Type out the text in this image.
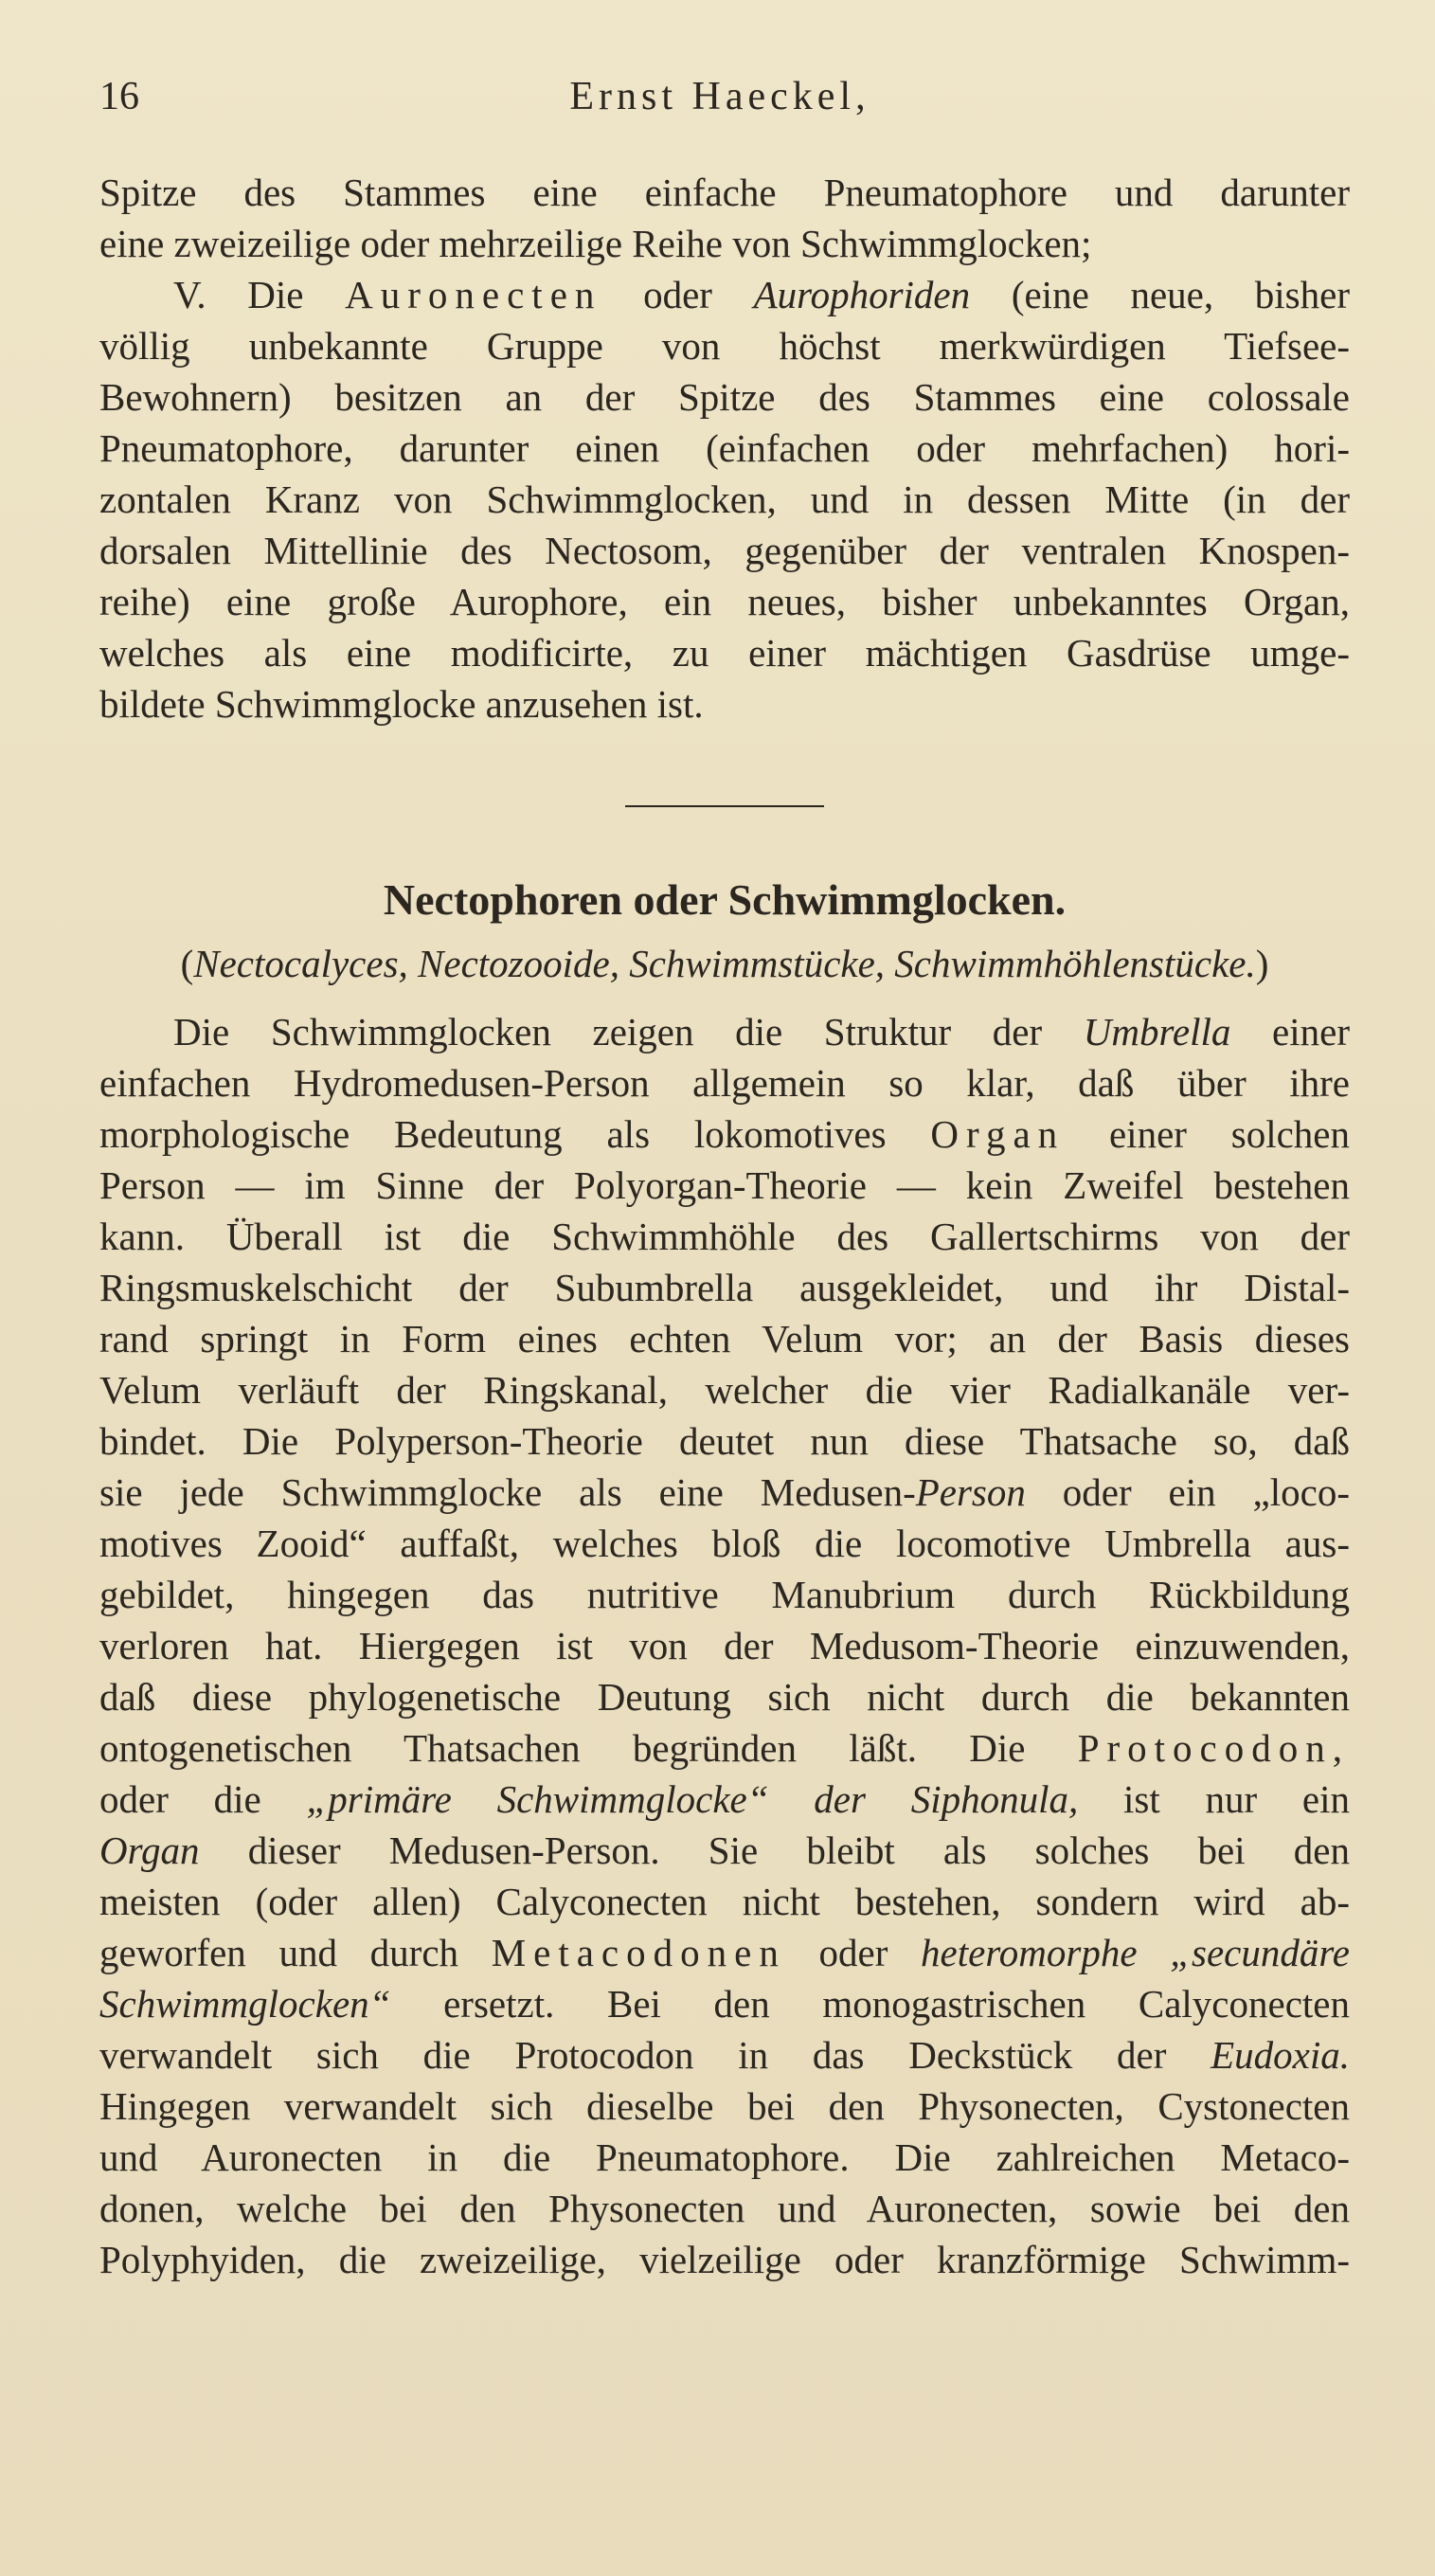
16	Ernst Haeckel,
Spitze des Stammes eine einfache Pneumatophore und darunter
eine zweizeilige oder mehrzeilige Reihe von Schwimmglocken;
V. Die Auronecten oder Aurophoriden (eine neue, bisher
völlig unbekannte Gruppe von höchst merkwürdigen Tiefsee-
Bewohnern) besitzen an der Spitze des Stammes eine colossale
Pneumatophore, darunter einen (einfachen oder mehrfachen) hori-
zontalen Kranz von Schwimmglocken, und in dessen Mitte (in der
dorsalen Mittellinie des Nectosom, gegenüber der ventralen Knospen-
reihe) eine große Aurophore, ein neues, bisher unbekanntes Organ,
welches als eine modificirte, zu einer mächtigen Gasdrüse umge-
bildete Schwimmglocke anzusehen ist.
Nectophoren oder Schwimmglocken.
(Nectocalyces, Nectozooide, Schwimmstücke, Schwimmhöhlenstücke.)
Die Schwimmglocken zeigen die Struktur der Umbrella einer
einfachen Hydromedusen-Person allgemein so klar, daß über ihre
morphologische Bedeutung als lokomotives Organ einer solchen
Person — im Sinne der Polyorgan-Theorie — kein Zweifel bestehen
kann. Überall ist die Schwimmhöhle des Gallertschirms von der
Ringsmuskelschicht der Subumbrella ausgekleidet, und ihr Distal-
rand springt in Form eines echten Velum vor; an der Basis dieses
Velum verläuft der Ringskanal, welcher die vier Radialkanäle ver-
bindet. Die Polyperson-Theorie deutet nun diese Thatsache so, daß
sie jede Schwimmglocke als eine Medusen-Person oder ein „loco-
motives Zooid“ auffaßt, welches bloß die locomotive Umbrella aus-
gebildet, hingegen das nutritive Manubrium durch Rückbildung
verloren hat. Hiergegen ist von der Medusom-Theorie einzuwenden,
daß diese phylogenetische Deutung sich nicht durch die bekannten
ontogenetischen Thatsachen begründen läßt. Die Protocodon,
oder die „primäre Schwimmglocke“ der Siphonula, ist nur ein
Organ dieser Medusen-Person. Sie bleibt als solches bei den
meisten (oder allen) Calyconecten nicht bestehen, sondern wird ab-
geworfen und durch Metacodonen oder heteromorphe „secundäre
Schwimmglocken“ ersetzt. Bei den monogastrischen Calyconecten
verwandelt sich die Protocodon in das Deckstück der Eudoxia.
Hingegen verwandelt sich dieselbe bei den Physonecten, Cystonecten
und Auronecten in die Pneumatophore. Die zahlreichen Metaco-
donen, welche bei den Physonecten und Auronecten, sowie bei den
Polyphyiden, die zweizeilige, vielzeilige oder kranzförmige Schwimm-
